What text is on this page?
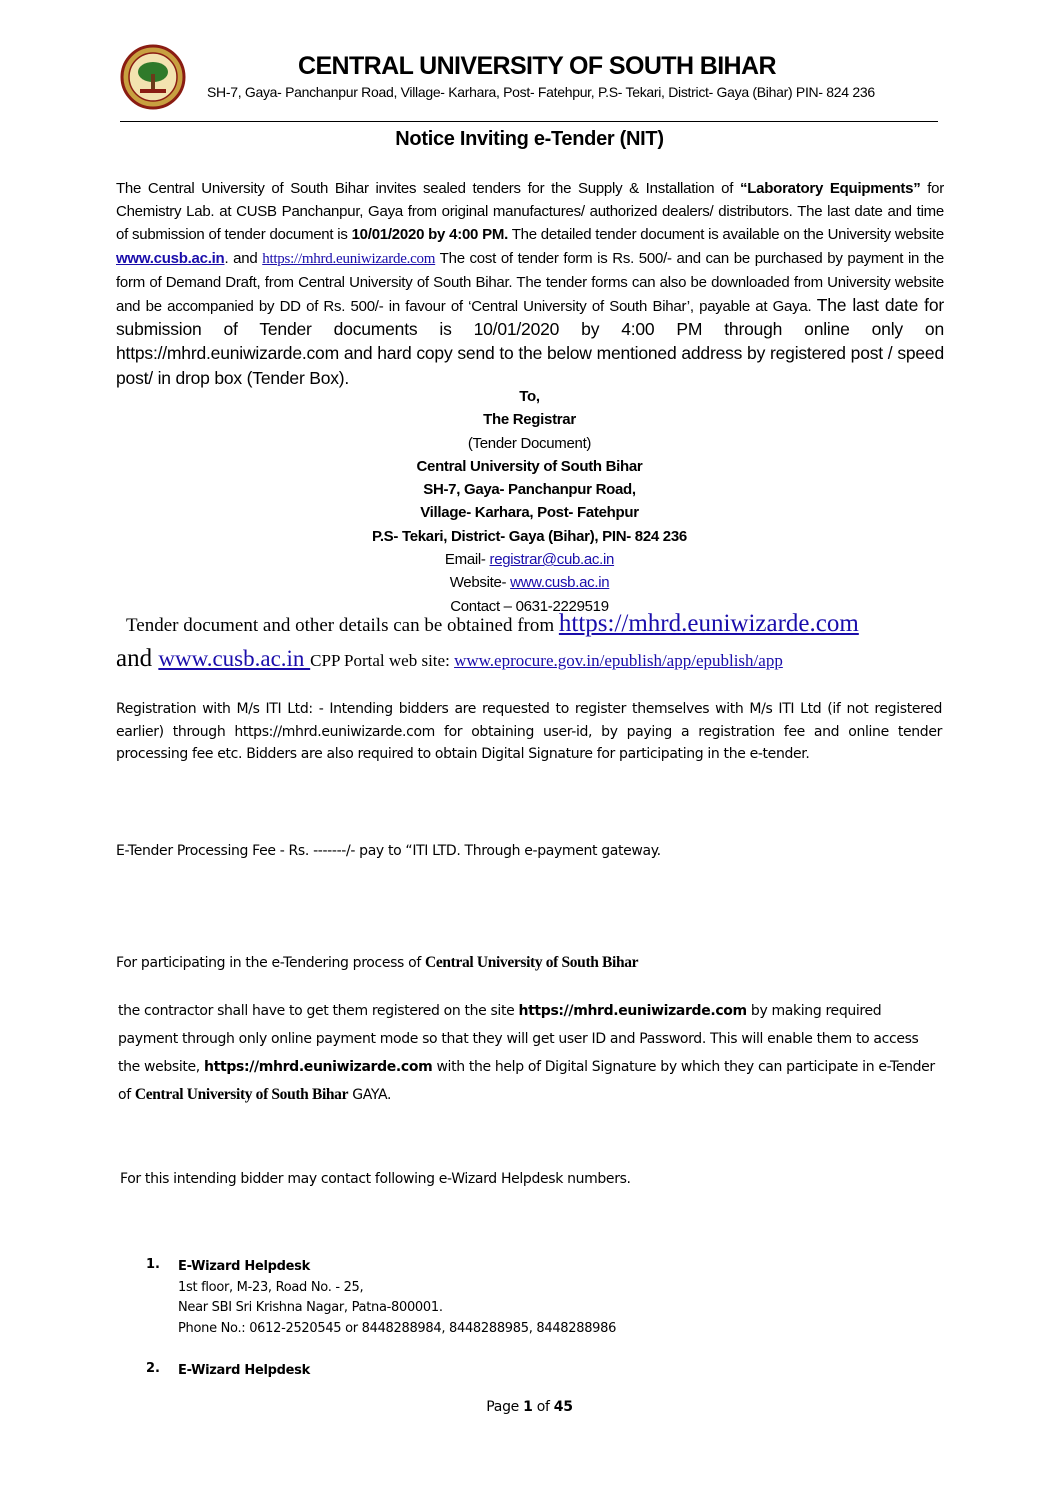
CENTRAL UNIVERSITY OF SOUTH BIHAR
SH-7, Gaya- Panchanpur Road, Village- Karhara, Post- Fatehpur, P.S- Tekari, District- Gaya (Bihar) PIN- 824 236
Notice Inviting e-Tender (NIT)
The Central University of South Bihar invites sealed tenders for the Supply & Installation of “Laboratory Equipments” for Chemistry Lab. at CUSB Panchanpur, Gaya from original manufactures/ authorized dealers/ distributors. The last date and time of submission of tender document is 10/01/2020 by 4:00 PM. The detailed tender document is available on the University website www.cusb.ac.in. and https://mhrd.euniwizarde.com The cost of tender form is Rs. 500/- and can be purchased by payment in the form of Demand Draft, from Central University of South Bihar. The tender forms can also be downloaded from University website and be accompanied by DD of Rs. 500/- in favour of ‘Central University of South Bihar’, payable at Gaya. The last date for submission of Tender documents is 10/01/2020 by 4:00 PM through online only on https://mhrd.euniwizarde.com and hard copy send to the below mentioned address by registered post / speed post/ in drop box (Tender Box).
To,
The Registrar
(Tender Document)
Central University of South Bihar
SH-7, Gaya- Panchanpur Road,
Village- Karhara, Post- Fatehpur
P.S- Tekari, District- Gaya (Bihar), PIN- 824 236
Email- registrar@cub.ac.in
Website- www.cusb.ac.in
Contact – 0631-2229519
Tender document and other details can be obtained from https://mhrd.euniwizarde.com
and www.cusb.ac.in CPP Portal web site: www.eprocure.gov.in/epublish/app/epublish/app
Registration with M/s ITI Ltd: - Intending bidders are requested to register themselves with M/s ITI Ltd (if not registered earlier) through https://mhrd.euniwizarde.com for obtaining user-id, by paying a registration fee and online tender processing fee etc. Bidders are also required to obtain Digital Signature for participating in the e-tender.
E-Tender Processing Fee - Rs. -------/- pay to “ITI LTD. Through e-payment gateway.
For participating in the e-Tendering process of Central University of South Bihar
the contractor shall have to get them registered on the site https://mhrd.euniwizarde.com by making required payment through only online payment mode so that they will get user ID and Password. This will enable them to access the website, https://mhrd.euniwizarde.com with the help of Digital Signature by which they can participate in e-Tender of Central University of South Bihar GAYA.
For this intending bidder may contact following e-Wizard Helpdesk numbers.
1. E-Wizard Helpdesk
1st floor, M-23, Road No. - 25,
Near SBI Sri Krishna Nagar, Patna-800001.
Phone No.: 0612-2520545 or 8448288984, 8448288985, 8448288986
2. E-Wizard Helpdesk
Page 1 of 45
